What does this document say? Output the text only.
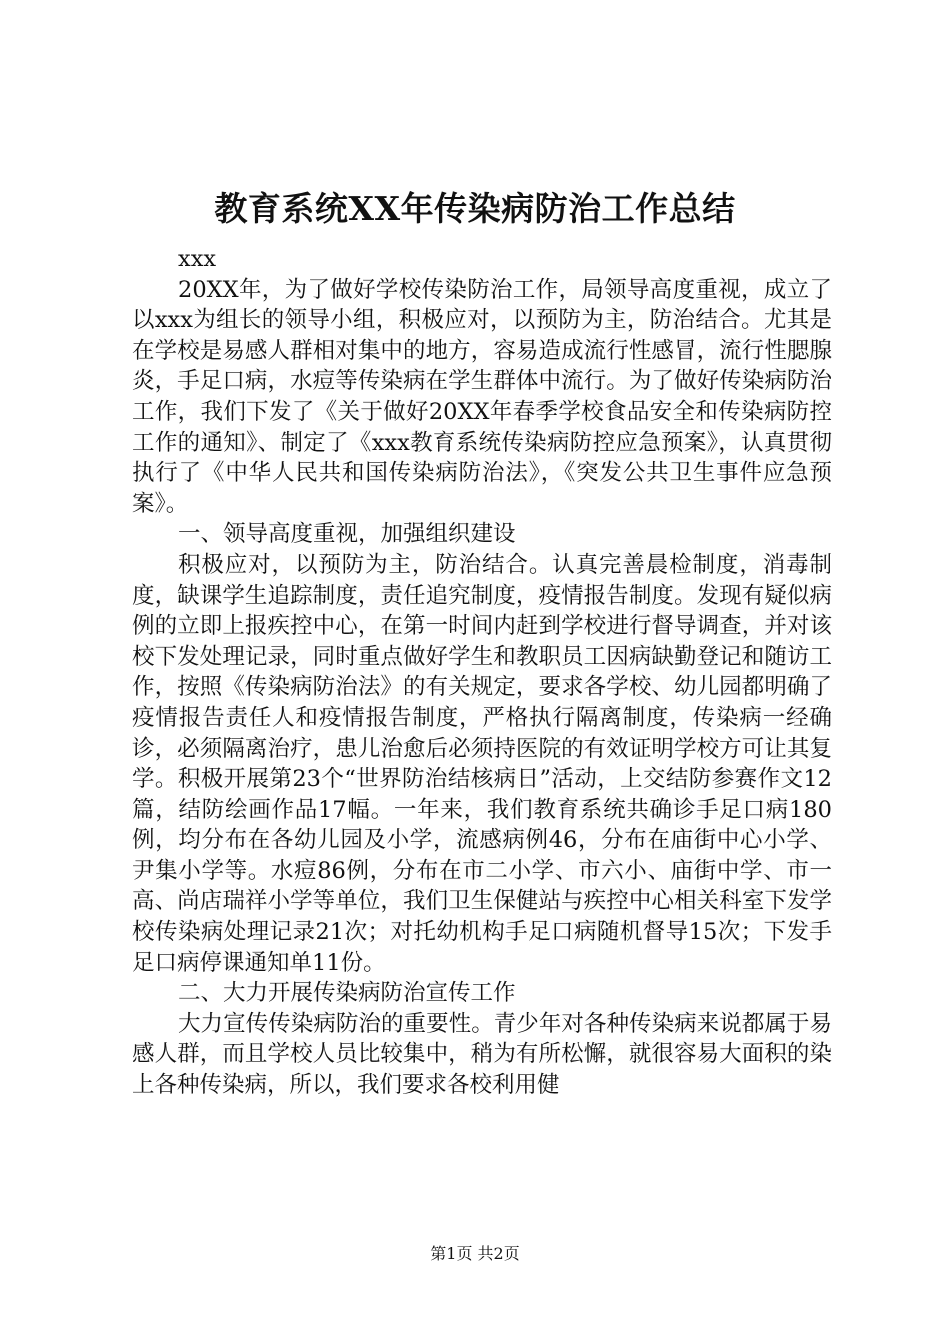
教育系统XX年传染病防治工作总结

xxx

20XX年，为了做好学校传染防治工作，局领导高度重视，成立了以xxx为组长的领导小组，积极应对，以预防为主，防治结合。尤其是在学校是易感人群相对集中的地方，容易造成流行性感冒，流行性腮腺炎，手足口病，水痘等传染病在学生群体中流行。为了做好传染病防治工作，我们下发了《关于做好20XX年春季学校食品安全和传染病防控工作的通知》、制定了《xxx教育系统传染病防控应急预案》，认真贯彻执行了《中华人民共和国传染病防治法》，《突发公共卫生事件应急预案》。

一、领导高度重视，加强组织建设

积极应对，以预防为主，防治结合。认真完善晨检制度，消毒制度，缺课学生追踪制度，责任追究制度，疫情报告制度。发现有疑似病例的立即上报疾控中心，在第一时间内赶到学校进行督导调查，并对该校下发处理记录，同时重点做好学生和教职员工因病缺勤登记和随访工作，按照《传染病防治法》的有关规定，要求各学校、幼儿园都明确了疫情报告责任人和疫情报告制度，严格执行隔离制度，传染病一经确诊，必须隔离治疗，患儿治愈后必须持医院的有效证明学校方可让其复学。积极开展第23个“世界防治结核病日”活动，上交结防参赛作文12篇，结防绘画作品17幅。一年来，我们教育系统共确诊手足口病180例，均分布在各幼儿园及小学，流感病例46，分布在庙街中心小学、尹集小学等。水痘86例，分布在市二小学、市六小、庙街中学、市一高、尚店瑞祥小学等单位，我们卫生保健站与疾控中心相关科室下发学校传染病处理记录21次；对托幼机构手足口病随机督导15次；下发手足口病停课通知单11份。

二、大力开展传染病防治宣传工作

大力宣传传染病防治的重要性。青少年对各种传染病来说都属于易感人群，而且学校人员比较集中，稍为有所松懈，就很容易大面积的染上各种传染病，所以，我们要求各校利用健

第1页 共2页
